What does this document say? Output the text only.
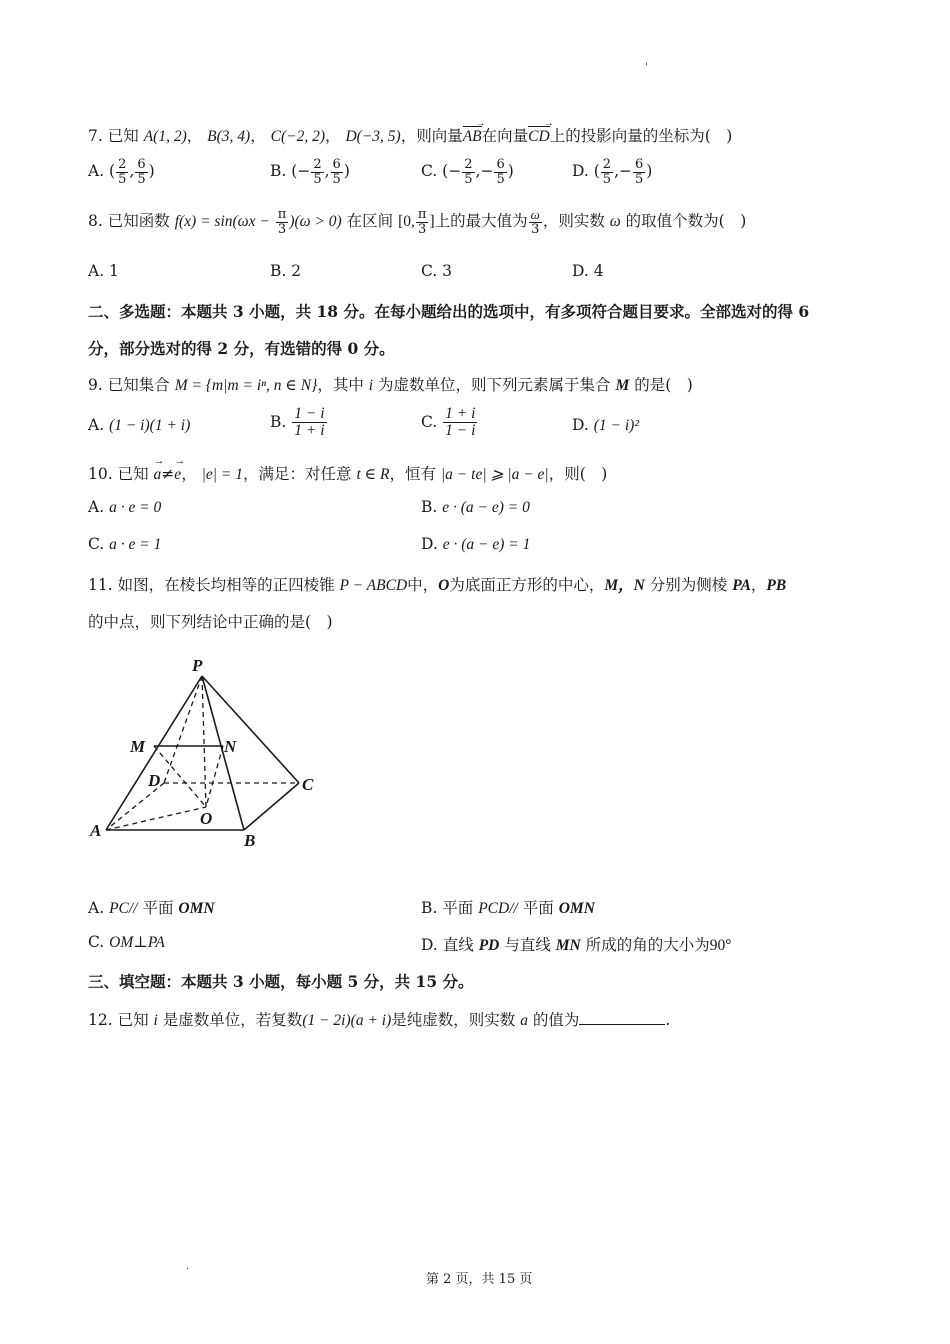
'
7. 已知 A(1, 2)， B(3, 4)， C(−2, 2)， D(−3, 5)，则向量AB →在向量CD →上的投影向量的坐标为(　)
A. ( $\frac{2}{5}$ , $\frac{6}{5}$ )	B. (− $\frac{2}{5}$ , $\frac{6}{5}$ )	C. (− $\frac{2}{5}$ ,− $\frac{6}{5}$ )	D. ( $\frac{2}{5}$ ,− $\frac{6}{5}$ )
8. 已知函数 $f(x) = \sin(\omega x - \frac{\pi}{3} )(\omega > 0)$ 在区间 [0, $\frac{\pi}{3}$ ]上的最大值为 $\frac{\omega}{3}$ ，则实数 ω 的取值个数为(　)
A. 1	B. 2	C. 3	D. 4
二、多选题：本题共 3 小题，共 18 分。在每小题给出的选项中，有多项符合题目要求。全部选对的得 6
分，部分选对的得 2 分，有选错的得 0 分。
9. 已知集合 M = {m|m = iⁿ, n ∈ N}，其中 i 为虚数单位，则下列元素属于集合 M 的是(　)
A. (1 − i)(1 + i)	B. $\frac{1 - i}{1 + i}$	C. $\frac{1 + i}{1 - i}$	D. (1 − i)²
10. 已知 → a≠→ e， |e| = 1，满足：对任意 t ∈ R，恒有 |a − te| ⩾ |a − e|，则(　)
A. a · e = 0	B. e · (a − e) = 0
C. a · e = 1	D. e · (a − e) = 1
11. 如图，在棱长均相等的正四棱锥 P − ABCD中，O为底面正方形的中心，M，N 分别为侧棱 PA，PB
的中点，则下列结论中正确的是(　)
P
M	N
D	C
O
A
B
A. PC// 平面 OMN	B. 平面 PCD// 平面 OMN
C. OM⊥PA	D. 直线 PD 与直线 MN 所成的角的大小为90°
三、填空题：本题共 3 小题，每小题 5 分，共 15 分。
12. 已知 i 是虚数单位，若复数(1 − 2i)(a + i)是纯虚数，则实数 a 的值为	.
.
第 2 页，共 15 页
